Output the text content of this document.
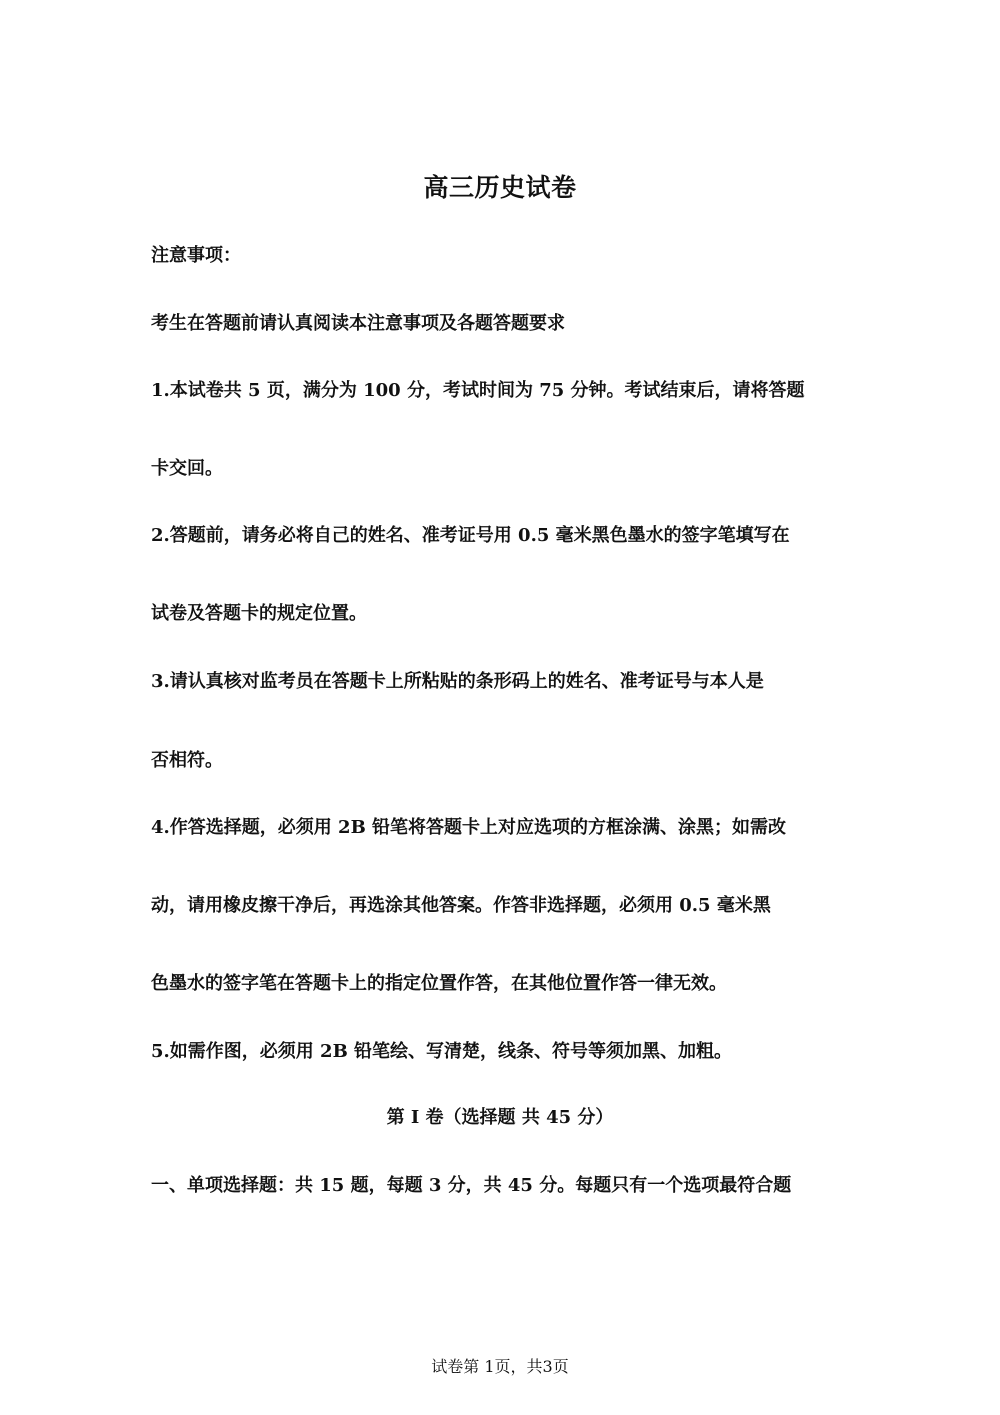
高三历史试卷
注意事项：
考生在答题前请认真阅读本注意事项及各题答题要求
1.本试卷共 5 页，满分为 100 分，考试时间为 75 分钟。考试结束后，请将答题
卡交回。
2.答题前，请务必将自己的姓名、准考证号用 0.5 毫米黑色墨水的签字笔填写在
试卷及答题卡的规定位置。
3.请认真核对监考员在答题卡上所粘贴的条形码上的姓名、准考证号与本人是
否相符。
4.作答选择题，必须用 2B 铅笔将答题卡上对应选项的方框涂满、涂黑；如需改
动，请用橡皮擦干净后，再选涂其他答案。作答非选择题，必须用 0.5 毫米黑
色墨水的签字笔在答题卡上的指定位置作答，在其他位置作答一律无效。
5.如需作图，必须用 2B 铅笔绘、写清楚，线条、符号等须加黑、加粗。
第 Ⅰ 卷（选择题 共 45 分）
一、单项选择题：共 15 题，每题 3 分，共 45 分。每题只有一个选项最符合题
试卷第 1页，共3页
